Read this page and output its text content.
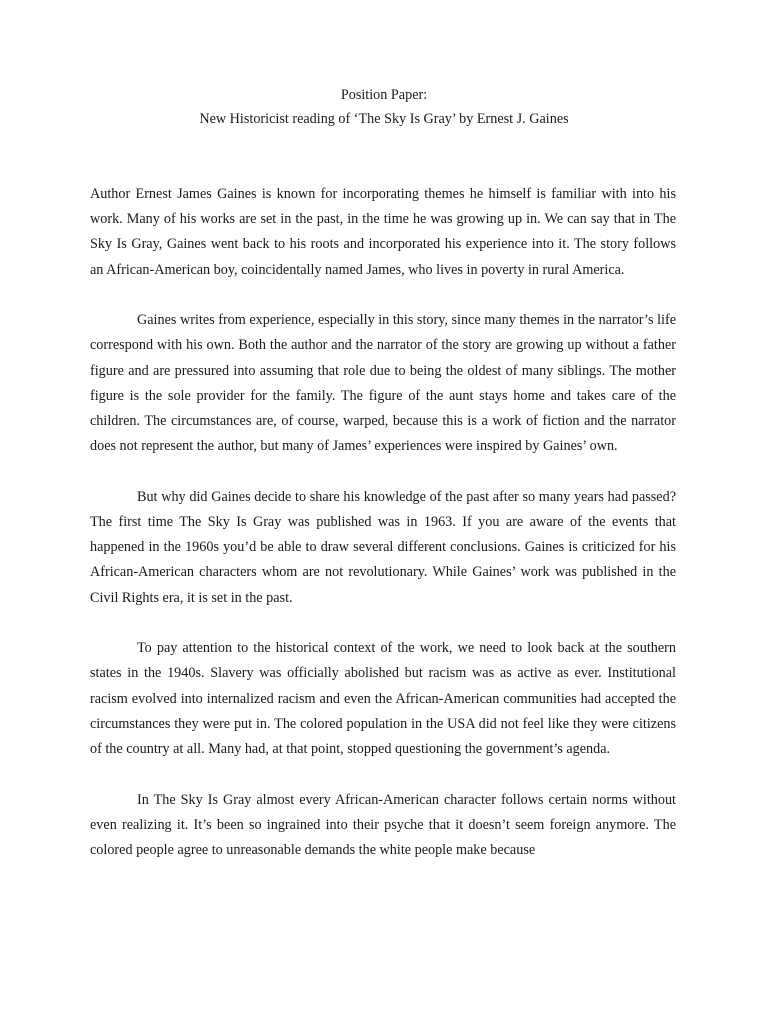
Position Paper:
New Historicist reading of ‘The Sky Is Gray’ by Ernest J. Gaines

Author Ernest James Gaines is known for incorporating themes he himself is familiar with into his work. Many of his works are set in the past, in the time he was growing up in. We can say that in The Sky Is Gray, Gaines went back to his roots and incorporated his experience into it. The story follows an African-American boy, coincidentally named James, who lives in poverty in rural America.

Gaines writes from experience, especially in this story, since many themes in the narrator’s life correspond with his own. Both the author and the narrator of the story are growing up without a father figure and are pressured into assuming that role due to being the oldest of many siblings. The mother figure is the sole provider for the family. The figure of the aunt stays home and takes care of the children. The circumstances are, of course, warped, because this is a work of fiction and the narrator does not represent the author, but many of James’ experiences were inspired by Gaines’ own.

But why did Gaines decide to share his knowledge of the past after so many years had passed? The first time The Sky Is Gray was published was in 1963. If you are aware of the events that happened in the 1960s you’d be able to draw several different conclusions. Gaines is criticized for his African-American characters whom are not revolutionary. While Gaines’ work was published in the Civil Rights era, it is set in the past.

To pay attention to the historical context of the work, we need to look back at the southern states in the 1940s. Slavery was officially abolished but racism was as active as ever. Institutional racism evolved into internalized racism and even the African-American communities had accepted the circumstances they were put in. The colored population in the USA did not feel like they were citizens of the country at all. Many had, at that point, stopped questioning the government’s agenda.

In The Sky Is Gray almost every African-American character follows certain norms without even realizing it. It’s been so ingrained into their psyche that it doesn’t seem foreign anymore. The colored people agree to unreasonable demands the white people make because
